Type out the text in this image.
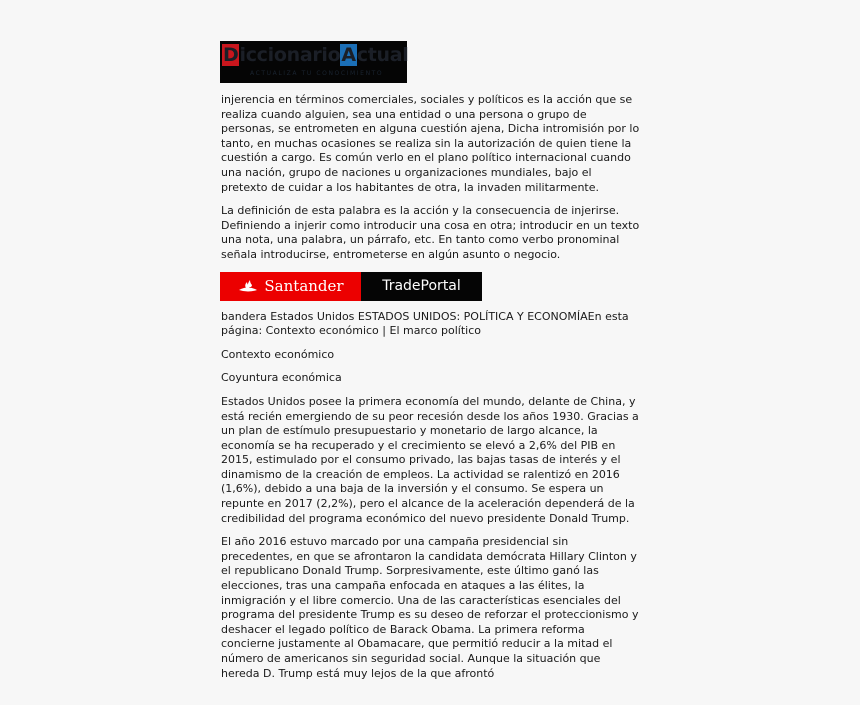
DiccionarioActual
ACTUALIZA TU CONOCIMIENTO

injerencia en términos comerciales, sociales y políticos es la acción que se realiza cuando alguien, sea una entidad o una persona o grupo de personas, se entrometen en alguna cuestión ajena, Dicha intromisión por lo tanto, en muchas ocasiones se realiza sin la autorización de quien tiene la cuestión a cargo. Es común verlo en el plano político internacional cuando una nación, grupo de naciones u organizaciones mundiales, bajo el pretexto de cuidar a los habitantes de otra, la invaden militarmente.

La definición de esta palabra es la acción y la consecuencia de injerirse. Definiendo a injerir como introducir una cosa en otra; introducir en un texto una nota, una palabra, un párrafo, etc. En tanto como verbo pronominal señala introducirse, entrometerse en algún asunto o negocio.

Santander	TradePortal

bandera Estados Unidos ESTADOS UNIDOS: POLÍTICA Y ECONOMÍAEn esta página: Contexto económico | El marco político

Contexto económico

Coyuntura económica

Estados Unidos posee la primera economía del mundo, delante de China, y está recién emergiendo de su peor recesión desde los años 1930. Gracias a un plan de estímulo presupuestario y monetario de largo alcance, la economía se ha recuperado y el crecimiento se elevó a 2,6% del PIB en 2015, estimulado por el consumo privado, las bajas tasas de interés y el dinamismo de la creación de empleos. La actividad se ralentizó en 2016 (1,6%), debido a una baja de la inversión y el consumo. Se espera un repunte en 2017 (2,2%), pero el alcance de la aceleración dependerá de la credibilidad del programa económico del nuevo presidente Donald Trump.

El año 2016 estuvo marcado por una campaña presidencial sin precedentes, en que se afrontaron la candidata demócrata Hillary Clinton y el republicano Donald Trump. Sorpresivamente, este último ganó las elecciones, tras una campaña enfocada en ataques a las élites, la inmigración y el libre comercio. Una de las características esenciales del programa del presidente Trump es su deseo de reforzar el proteccionismo y deshacer el legado político de Barack Obama. La primera reforma concierne justamente al Obamacare, que permitió reducir a la mitad el número de americanos sin seguridad social. Aunque la situación que hereda D. Trump está muy lejos de la que afrontó
